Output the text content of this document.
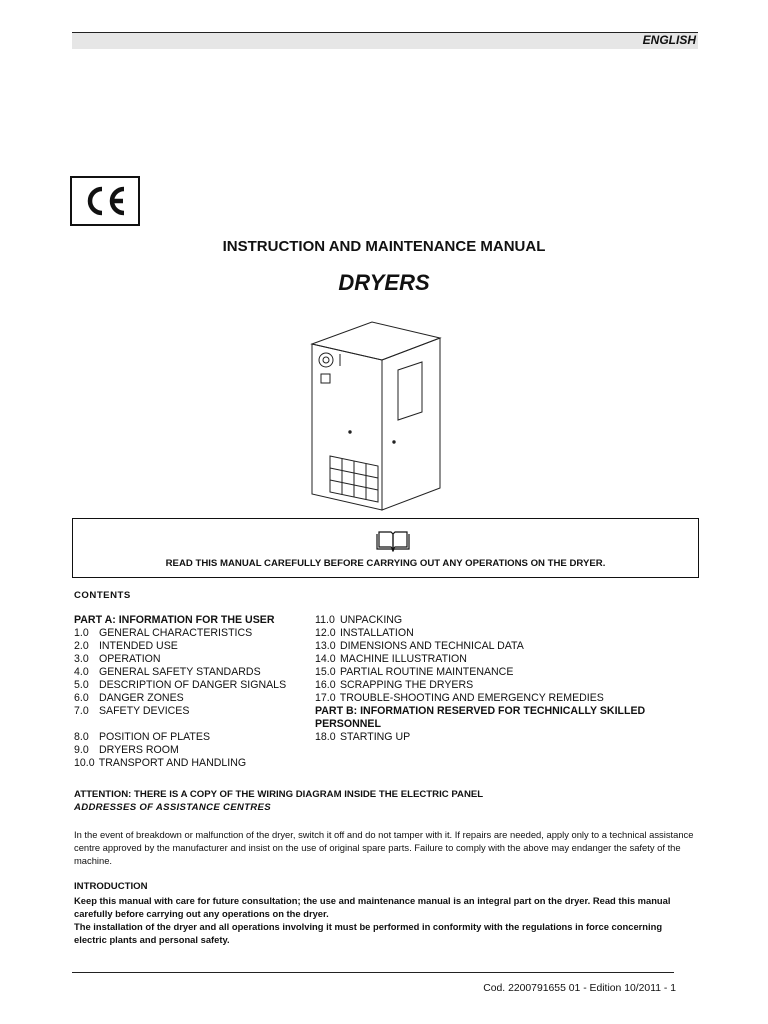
ENGLISH
INSTRUCTION AND MAINTENANCE MANUAL
DRYERS
READ THIS MANUAL CAREFULLY BEFORE CARRYING OUT ANY OPERATIONS ON THE DRYER.
CONTENTS
PART A: INFORMATION FOR THE USER
1.0 GENERAL CHARACTERISTICS
2.0 INTENDED USE
3.0 OPERATION
4.0 GENERAL SAFETY STANDARDS
5.0 DESCRIPTION OF DANGER SIGNALS
6.0 DANGER ZONES
7.0 SAFETY DEVICES
8.0 POSITION OF PLATES
9.0 DRYERS ROOM
10.0 TRANSPORT AND HANDLING
11.0 UNPACKING
12.0 INSTALLATION
13.0 DIMENSIONS AND TECHNICAL DATA
14.0 MACHINE ILLUSTRATION
15.0 PARTIAL ROUTINE MAINTENANCE
16.0 SCRAPPING THE DRYERS
17.0 TROUBLE-SHOOTING AND EMERGENCY REMEDIES
PART B: INFORMATION RESERVED FOR TECHNICALLY SKILLED
PERSONNEL
18.0 STARTING UP
ATTENTION: THERE IS A COPY OF THE WIRING DIAGRAM INSIDE THE ELECTRIC PANEL
ADDRESSES OF ASSISTANCE CENTRES
In the event of breakdown or malfunction of the dryer, switch it off and do not tamper with it. If repairs are needed, apply only to a technical assistance centre approved by the manufacturer and insist on the use of original spare parts. Failure to comply with the above may endanger the safety of the machine.
INTRODUCTION
Keep this manual with care for future consultation; the use and maintenance manual is an integral part on the dryer. Read this manual carefully before carrying out any operations on the dryer.
The installation of the dryer and all operations involving it must be performed in conformity with the regulations in force concerning electric plants and personal safety.
Cod. 2200791655 01 - Edition 10/2011 - 1
